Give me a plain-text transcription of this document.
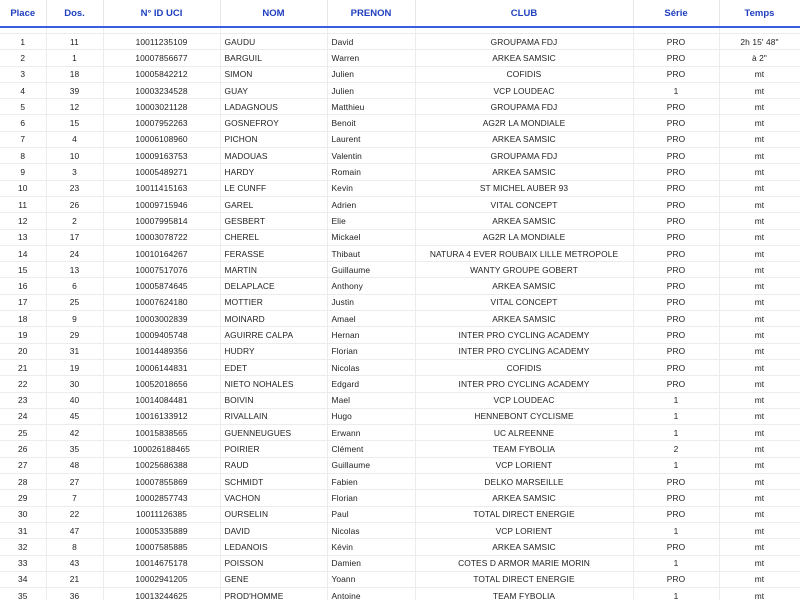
Place	Dos.	N° ID UCI	NOM	PRENON	CLUB	Série	Temps

1	11	10011235109	GAUDU	David	GROUPAMA FDJ	PRO	2h 15' 48"
2	1	10007856677	BARGUIL	Warren	ARKEA SAMSIC	PRO	à 2"
3	18	10005842212	SIMON	Julien	COFIDIS	PRO	mt
4	39	10003234528	GUAY	Julien	VCP LOUDEAC	1	mt
5	12	10003021128	LADAGNOUS	Matthieu	GROUPAMA FDJ	PRO	mt
6	15	10007952263	GOSNEFROY	Benoit	AG2R LA MONDIALE	PRO	mt
7	4	10006108960	PICHON	Laurent	ARKEA SAMSIC	PRO	mt
8	10	10009163753	MADOUAS	Valentin	GROUPAMA FDJ	PRO	mt
9	3	10005489271	HARDY	Romain	ARKEA SAMSIC	PRO	mt
10	23	10011415163	LE CUNFF	Kevin	ST MICHEL AUBER 93	PRO	mt
11	26	10009715946	GAREL	Adrien	VITAL CONCEPT	PRO	mt
12	2	10007995814	GESBERT	Elie	ARKEA SAMSIC	PRO	mt
13	17	10003078722	CHEREL	Mickael	AG2R LA MONDIALE	PRO	mt
14	24	10010164267	FERASSE	Thibaut	NATURA 4 EVER ROUBAIX LILLE METROPOLE	PRO	mt
15	13	10007517076	MARTIN	Guillaume	WANTY GROUPE GOBERT	PRO	mt
16	6	10005874645	DELAPLACE	Anthony	ARKEA SAMSIC	PRO	mt
17	25	10007624180	MOTTIER	Justin	VITAL CONCEPT	PRO	mt
18	9	10003002839	MOINARD	Amael	ARKEA SAMSIC	PRO	mt
19	29	10009405748	AGUIRRE CALPA	Hernan	INTER PRO CYCLING ACADEMY	PRO	mt
20	31	10014489356	HUDRY	Florian	INTER PRO CYCLING ACADEMY	PRO	mt
21	19	10006144831	EDET	Nicolas	COFIDIS	PRO	mt
22	30	10052018656	NIETO NOHALES	Edgard	INTER PRO CYCLING ACADEMY	PRO	mt
23	40	10014084481	BOIVIN	Mael	VCP LOUDEAC	1	mt
24	45	10016133912	RIVALLAIN	Hugo	HENNEBONT CYCLISME	1	mt
25	42	10015838565	GUENNEUGUES	Erwann	UC ALREENNE	1	mt
26	35	100026188465	POIRIER	Clément	TEAM FYBOLIA	2	mt
27	48	10025686388	RAUD	Guillaume	VCP LORIENT	1	mt
28	27	10007855869	SCHMIDT	Fabien	DELKO MARSEILLE	PRO	mt
29	7	10002857743	VACHON	Florian	ARKEA SAMSIC	PRO	mt
30	22	10011126385	OURSELIN	Paul	TOTAL DIRECT ENERGIE	PRO	mt
31	47	10005335889	DAVID	Nicolas	VCP LORIENT	1	mt
32	8	10007585885	LEDANOIS	Kévin	ARKEA SAMSIC	PRO	mt
33	43	10014675178	POISSON	Damien	COTES D ARMOR MARIE MORIN	1	mt
34	21	10002941205	GENE	Yoann	TOTAL DIRECT ENERGIE	PRO	mt
35	36	10013244625	PROD'HOMME	Antoine	TEAM FYBOLIA	1	mt
